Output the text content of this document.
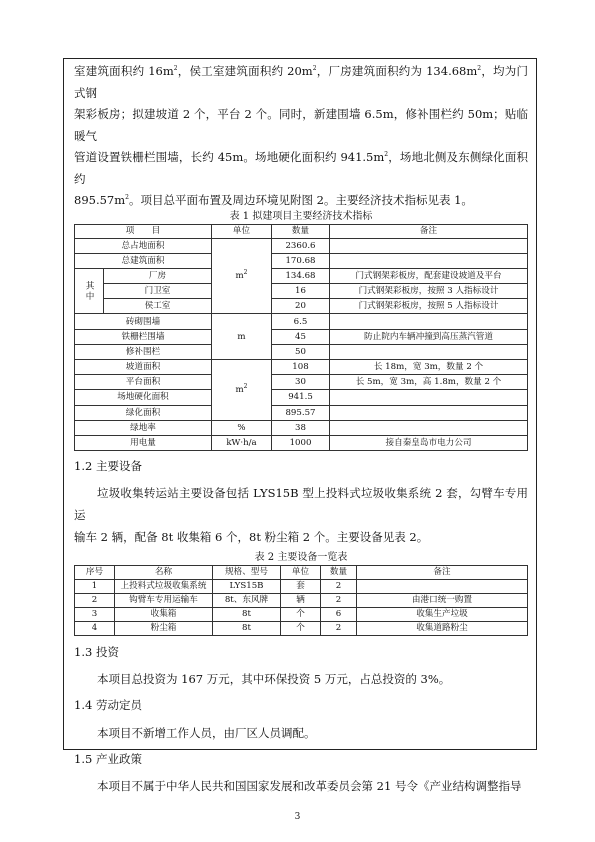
室建筑面积约 $16m^2$，侯工室建筑面积约 $20m^2$，厂房建筑面积约为 $134.68m^2$，均为门式钢
架彩板房；拟建坡道 2 个，平台 2 个。同时，新建围墙 6.5m，修补围栏约 50m；贴临暖气
管道设置铁栅栏围墙，长约 45m。场地硬化面积约 $941.5m^2$，场地北侧及东侧绿化面积约
$895.57m^2$。项目总平面布置及周边环境见附图 2。主要经济技术指标见表 1。

表 1 拟建项目主要经济技术指标
项　　目		单位	数量	备注
总占地面积		$m^2$	2360.6	
总建筑面积			170.68	
其中	厂房		134.68	门式钢架彩板房，配套建设坡道及平台
	门卫室		16	门式钢架彩板房，按照 3 人指标设计
	侯工室		20	门式钢架彩板房，按照 5 人指标设计
砖砌围墙		m	6.5	
铁栅栏围墙			45	防止院内车辆冲撞到高压蒸汽管道
修补围栏			50	
坡道面积		$m^2$	108	长 18m，宽 3m，数量 2 个
平台面积			30	长 5m，宽 3m，高 1.8m，数量 2 个
场地硬化面积			941.5	
绿化面积			895.57	
绿地率		%	38	
用电量		kW·h/a	1000	接自秦皇岛市电力公司
1.2 主要设备

垃圾收集转运站主要设备包括 LYS15B 型上投料式垃圾收集系统 2 套，勾臂车专用运
输车 2 辆，配备 8t 收集箱 6 个，8t 粉尘箱 2 个。主要设备见表 2。

表 2 主要设备一览表
序号	名称	规格、型号	单位	数量	备注
1	上投料式垃圾收集系统	LYS15B	套	2	
2	钩臂车专用运输车	8t、东风牌	辆	2	由港口统一购置
3	收集箱	8t	个	6	收集生产垃圾
4	粉尘箱	8t	个	2	收集道路粉尘
1.3 投资

本项目总投资为 167 万元，其中环保投资 5 万元，占总投资的 3%。

1.4 劳动定员

本项目不新增工作人员，由厂区人员调配。

1.5 产业政策

本项目不属于中华人民共和国国家发展和改革委员会第 21 号令《产业结构调整指导

3
